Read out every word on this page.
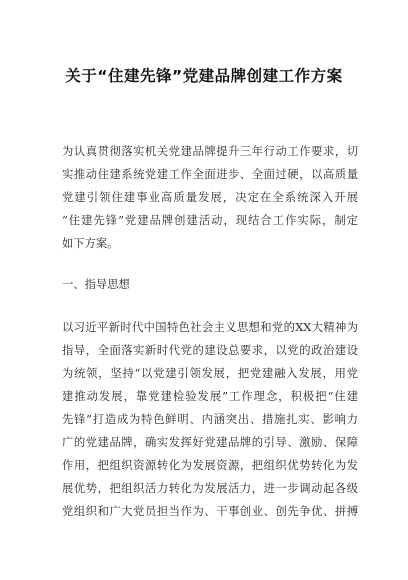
关于“住建先锋”党建品牌创建工作方案
为认真贯彻落实机关党建品牌提升三年行动工作要求，切
实推动住建系统党建工作全面进步、全面过硬，以高质量
党建引领住建事业高质量发展，决定在全系统深入开展
“住建先锋”党建品牌创建活动，现结合工作实际，制定
如下方案。
一、指导思想
以习近平新时代中国特色社会主义思想和党的XX大精神为
指导，全面落实新时代党的建设总要求，以党的政治建设
为统领，坚持“以党建引领发展，把党建融入发展，用党
建推动发展，靠党建检验发展”工作理念，积极把“住建
先锋”打造成为特色鲜明、内涵突出、措施扎实、影响力
广的党建品牌，确实发挥好党建品牌的引导、激励、保障
作用，把组织资源转化为发展资源，把组织优势转化为发
展优势，把组织活力转化为发展活力，进一步调动起各级
党组织和广大党员担当作为、干事创业、创先争优、拼搏
